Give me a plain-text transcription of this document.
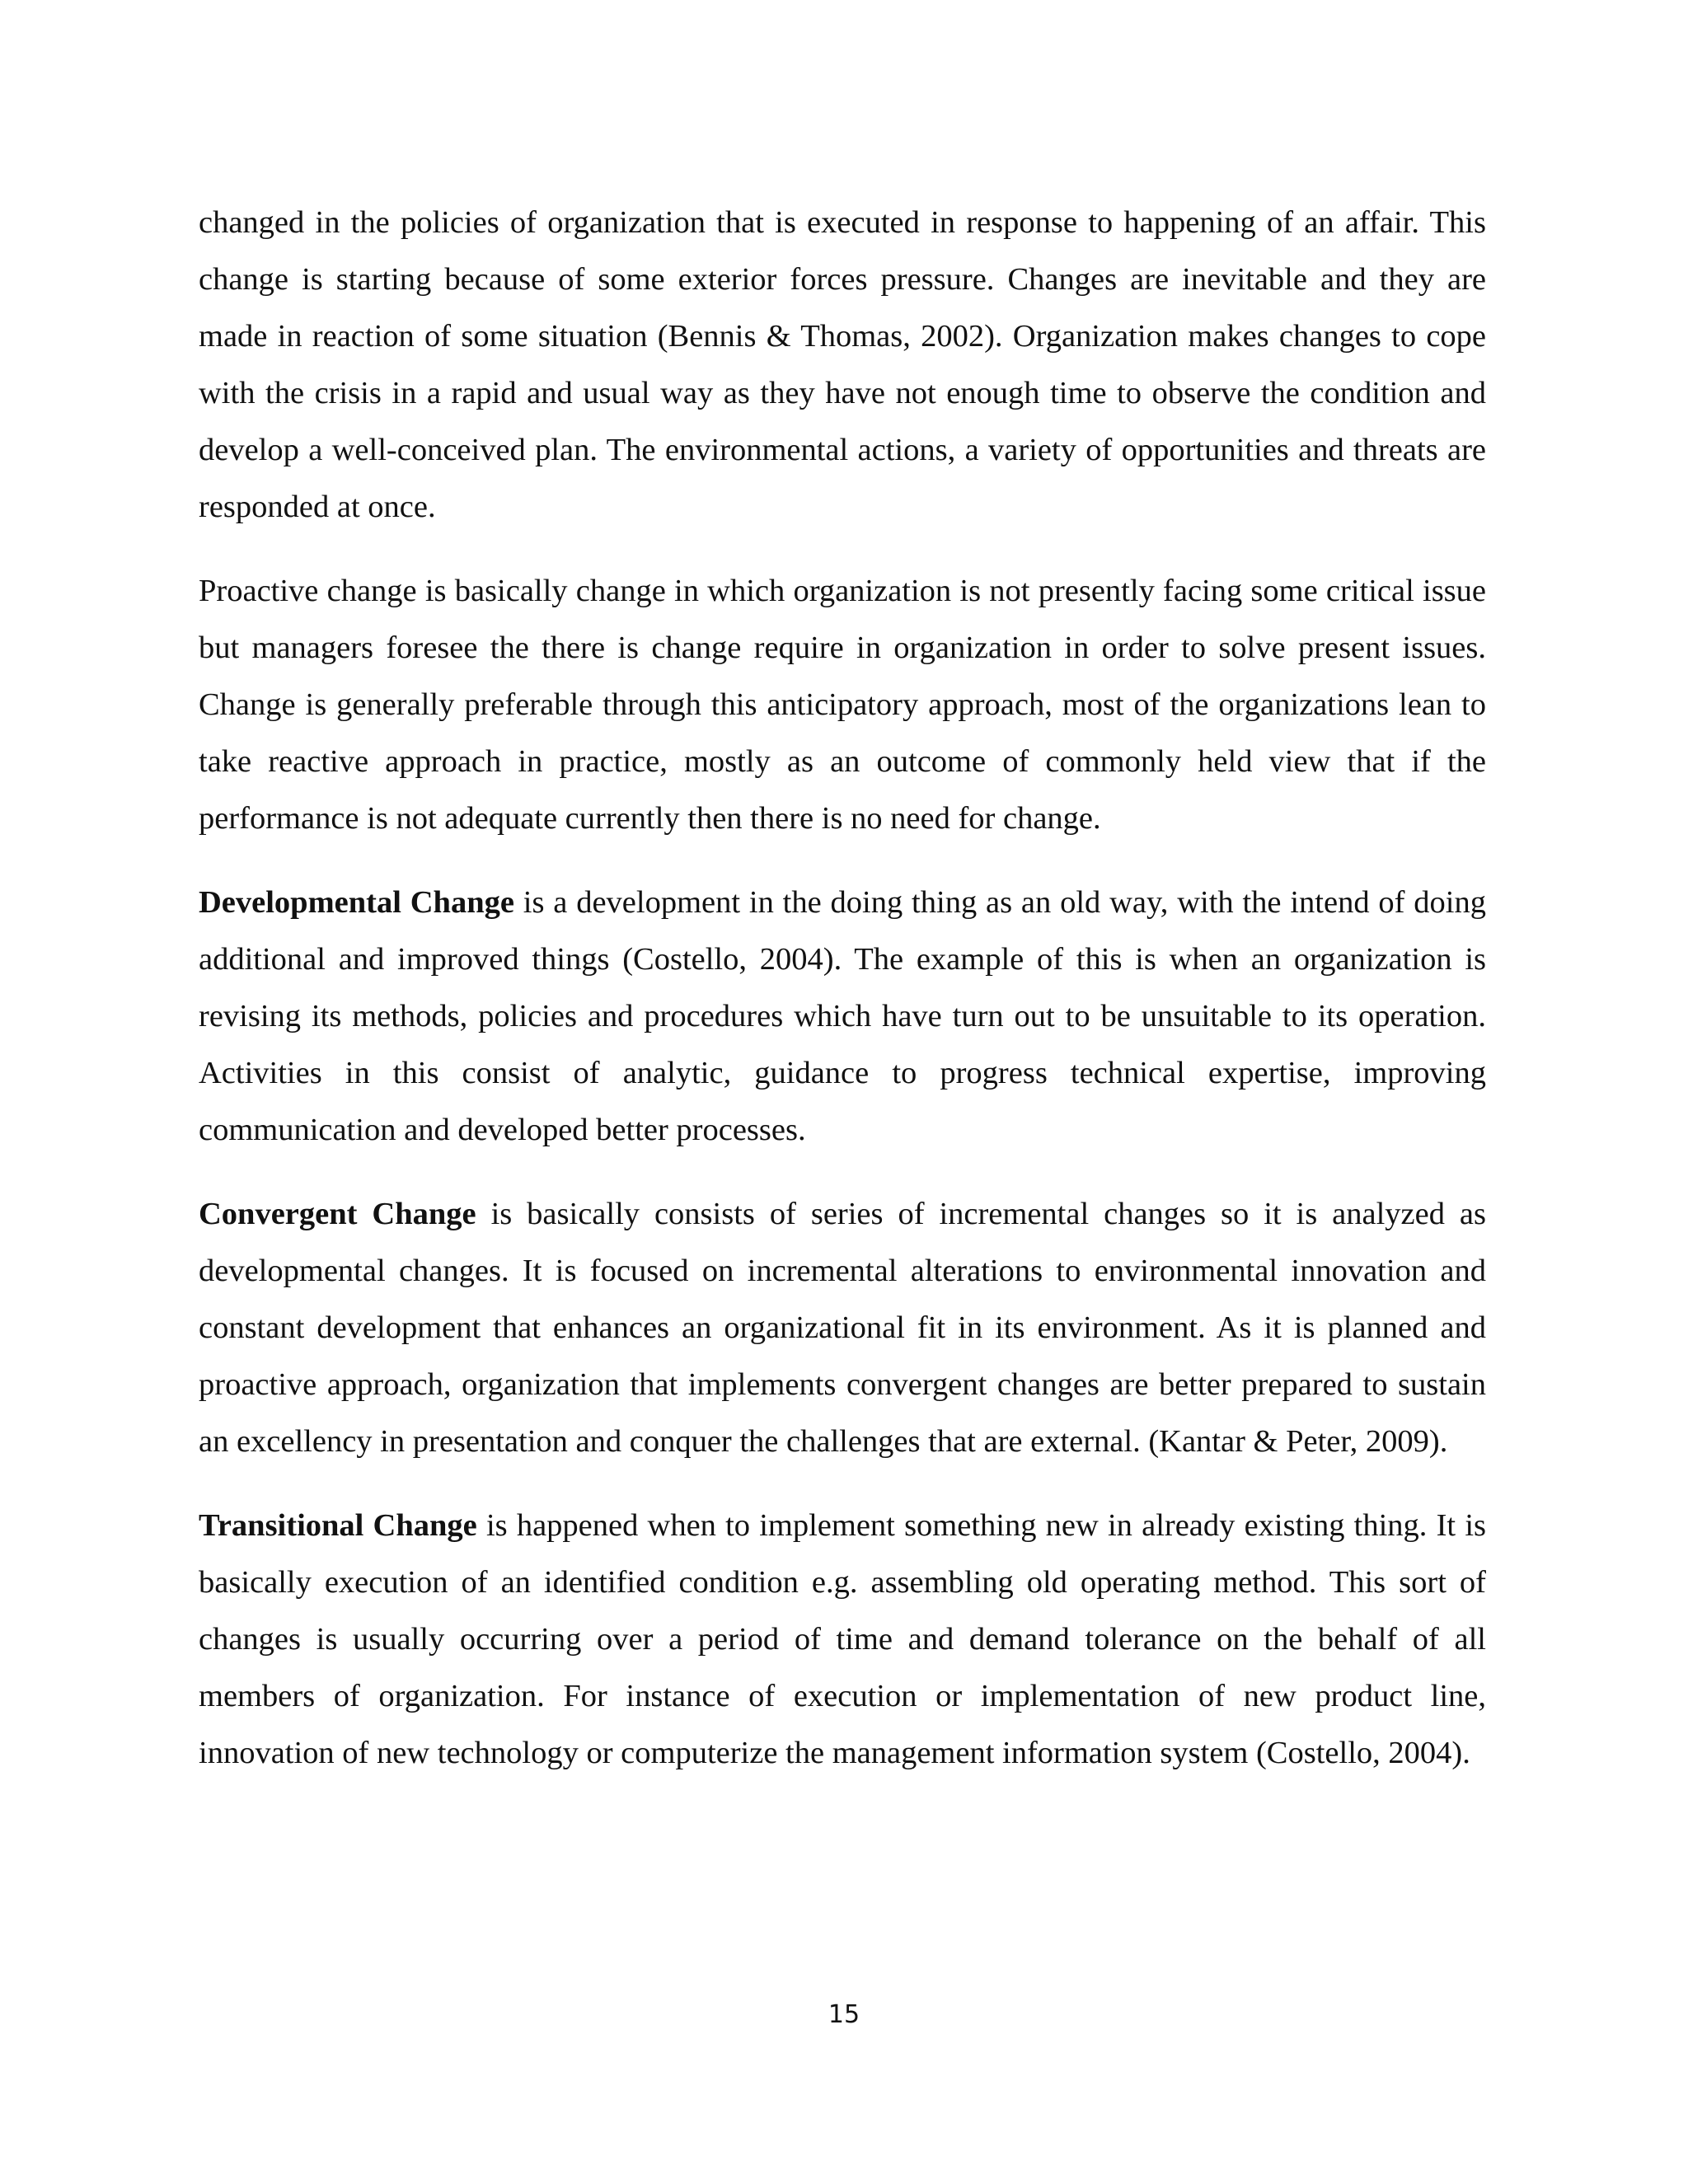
changed in the policies of organization that is executed in response to happening of an affair. This change is starting because of some exterior forces pressure. Changes are inevitable and they are made in reaction of some situation (Bennis & Thomas, 2002). Organization makes changes to cope with the crisis in a rapid and usual way as they have not enough time to observe the condition and develop a well-conceived plan. The environmental actions, a variety of opportunities and threats are responded at once.

Proactive change is basically change in which organization is not presently facing some critical issue but managers foresee the there is change require in organization in order to solve present issues. Change is generally preferable through this anticipatory approach, most of the organizations lean to take reactive approach in practice, mostly as an outcome of commonly held view that if the performance is not adequate currently then there is no need for change.

Developmental Change is a development in the doing thing as an old way, with the intend of doing additional and improved things (Costello, 2004). The example of this is when an organization is revising its methods, policies and procedures which have turn out to be unsuitable to its operation. Activities in this consist of analytic, guidance to progress technical expertise, improving communication and developed better processes.

Convergent Change is basically consists of series of incremental changes so it is analyzed as developmental changes. It is focused on incremental alterations to environmental innovation and constant development that enhances an organizational fit in its environment. As it is planned and proactive approach, organization that implements convergent changes are better prepared to sustain an excellency in presentation and conquer the challenges that are external. (Kantar & Peter, 2009).

Transitional Change is happened when to implement something new in already existing thing. It is basically execution of an identified condition e.g. assembling old operating method. This sort of changes is usually occurring over a period of time and demand tolerance on the behalf of all members of organization. For instance of execution or implementation of new product line, innovation of new technology or computerize the management information system (Costello, 2004).

15
